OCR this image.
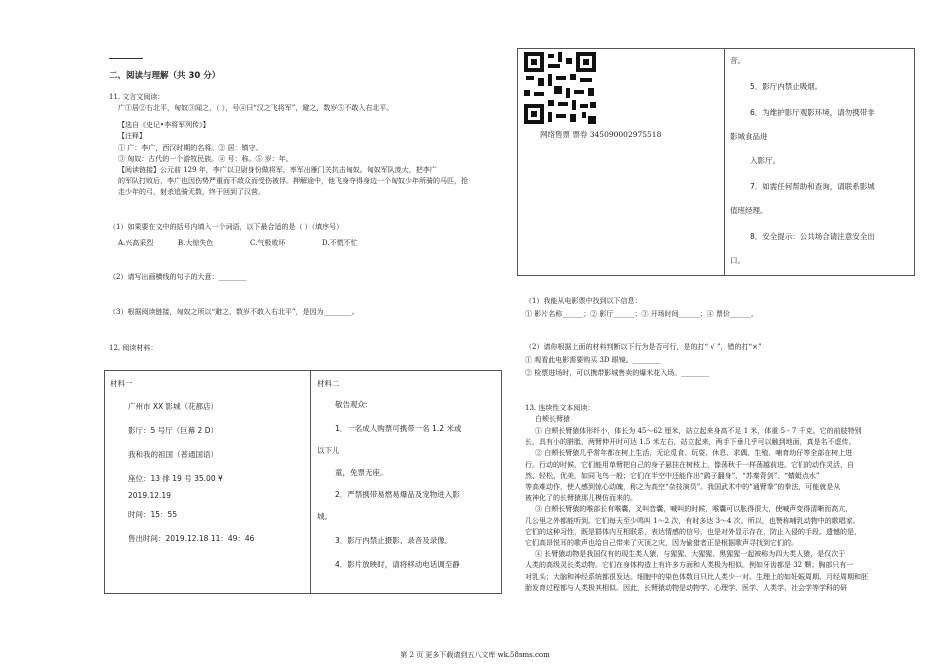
二、阅读与理解（共 30 分）
11. 文言文阅读：
广①居②右北平，匈奴③闻之，（ ），号④曰“汉之飞将军”，避之，数岁⑤不敢入右北平。
【选自《史记•李将军列传》】
【注释】
① 广：李广，西汉时期的名将。② 居：镇守。
③ 匈奴：古代的一个游牧民族。④ 号：称。⑤ 岁：年。
【阅读链接】公元前 129 年，李广以卫尉身份做将军，率军出雁门关抗击匈奴。匈奴军队庞大，把李广
的军队打败后，李广也因伤势严重而不敌众而受伤被俘。押解途中，他飞身夺得身边一个匈奴少年所骑的马匹，抢
走少年的弓，射杀追骑无数，终于回到了汉营。
（1）如果要在文中的括号内填入一个词语，以下最合适的是（ ）（填序号）
A.兴高采烈	B.大惊失色	C.气极败坏	D.不慌不忙
（2）请写出画横线的句子的大意：________
（3）根据阅读链接，匈奴之所以“避之，数岁不敢入右北平”，是因为________。
12. 阅读材料：
材料一
广州市 XX 影城（花都店）
影厅：5 号厅（巨幕 2 D）
我和我的祖国（普通国语）
座位：13 排 19 号 35.00 ¥
2019.12.19
时间：15：55
售出时间：2019.12.18 11：49：46
材料二
敬告观众:
1．一名成人购票可携带一名 1.2 米或
以下儿
童，免票无座。
2．严禁携带易燃易爆品及宠物进入影
城。
3．影厅内禁止摄影、录音及录像。
4．影片放映时，请将移动电话调至静
网络售票 票券 345090002975518
音。
5．影厅内禁止吸烟。
6．为维护影厅观影环境，请勿携带非
影城食品进
入影厅。
7．如需任何帮助和查询，请联系影城
值班经理。
8．安全提示：公共场合请注意安全出
口。
（1）我能从电影票中找到以下信息：
① 影片名称______；② 影厅______；③ 开场时间______；④ 票价______。
（2）请你根据上面的材料判断以下行为是否可行，是的打“ √ ”，错的打“×”
① 观看此电影需要购买 3D 眼镜。________
② 检票进场时，可以携带影城售卖的爆米花入场。________
13. 连续性文本阅读：
白颊长臂猿
① 白颊长臂猿体形纤小，体长为 45～62 厘米，站立起来身高不足 1 米，体重 5 - 7 千克。它的前肢特别
长，具有小的胼胝，两臂伸开时可达 1.5 米左右，站立起来，两手下垂几乎可以触到地面，真是名不虚传。
② 白颊长臂猿几乎常年都在树上生活，无论觅食、玩耍、休息、求偶、生殖、哺育幼仔等全部在树上进
行。行动的时候，它们能用单臂把自己的身子悬挂在树枝上，像荡秋千一样荡越前进。它们的动作灵活、自
然、轻松、优美，如同飞鸟一般；它们在半空中还能作出“鹞子翻身”、“苏秦背剑”、“蜻蜓点水”
等高难动作，使人感到惊心动魄，称之为高空“杂技演员”。我国武术中的“通臂拳”的拳法，可能就是从
被神化了的长臂猿那儿模仿而来的。
③ 白颊长臂猿的喉部长有喉囊，叉叫音囊，喊叫的时候，喉囊可以胀得很大，使喊声变得清晰而高亢，
几公里之外都能听到。它们每天至少鸣叫 1～2 次，有时多达 3～4 次。所以，也赞称哺乳动物中的歌唱家。
它们的这种习性，既是群体内互相联系，表达情感的信号，也是对外显示存在，防止入侵的手段。遗憾的是，
它们高昂悦耳的歌声也给自己带来了灭顶之灾，因为偷猎者正是根据歌声寻找到它们的。
④ 长臂猿动物是我国仅有的现生类人猿，与猩猩、大猩猩、黑猩猩一起被称为四大类人猿，是仅次于
人类的高级灵长类动物。它们在身体构造上有许多方面和人类极为相似。例如牙齿都是 32 颗；胸部只有一
对乳头；大脑和神经系统都很发达。细胞中的染色体数目只比人类少一对。生理上的如妊娠周期、月经周期和胚
胎发育过程都与人类极其相似。因此，长臂猿动物是动物学、心理学、医学、人类学、社会学等学科的研
第 2 页 更多下载请到五八文库 wk.58sms.com
